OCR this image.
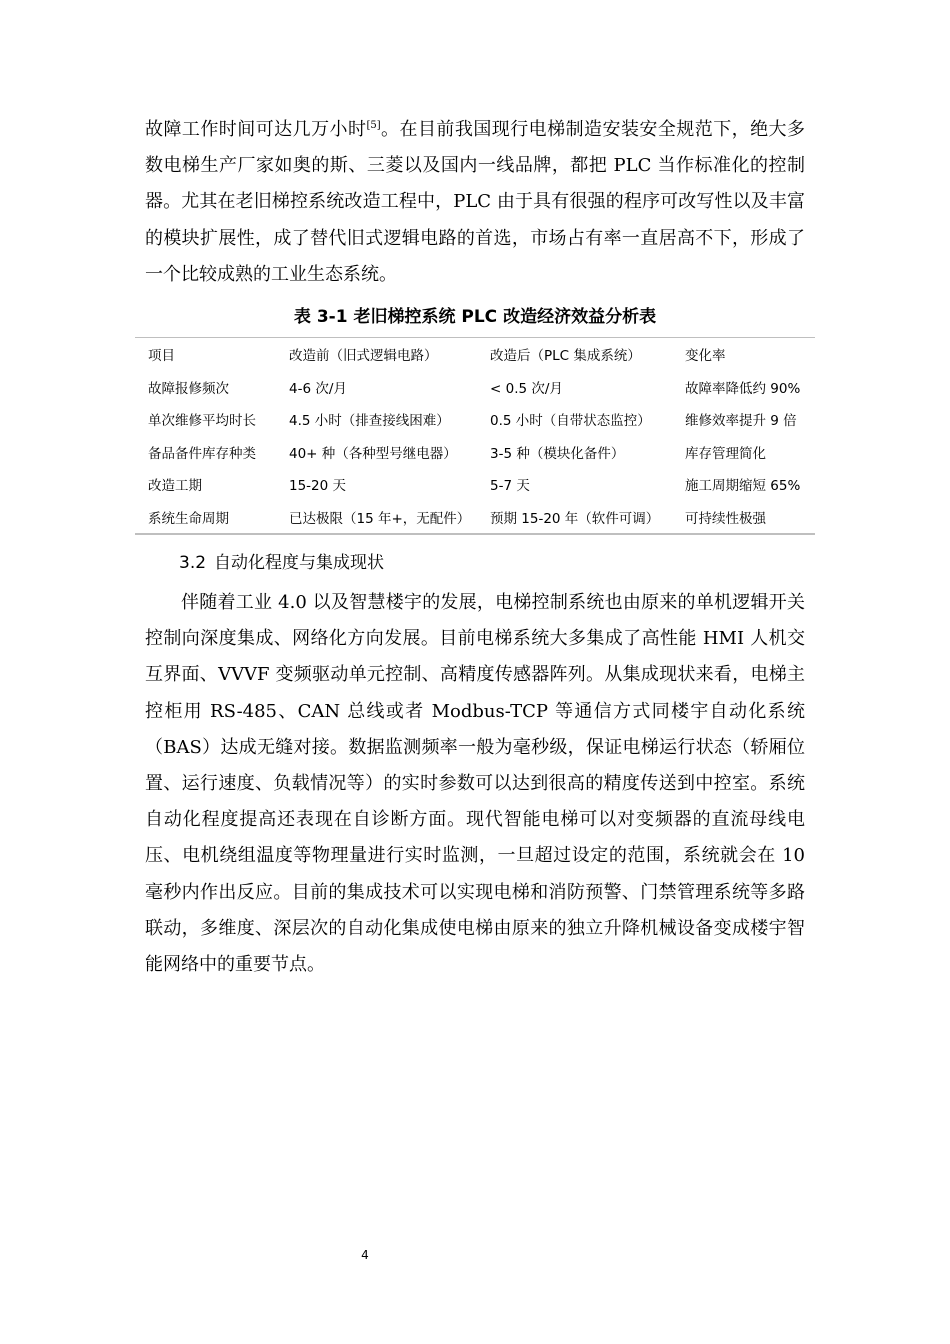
故障工作时间可达几万小时[5]。在目前我国现行电梯制造安装安全规范下，绝大多数电梯生产厂家如奥的斯、三菱以及国内一线品牌，都把 PLC 当作标准化的控制器。尤其在老旧梯控系统改造工程中，PLC 由于具有很强的程序可改写性以及丰富的模块扩展性，成了替代旧式逻辑电路的首选，市场占有率一直居高不下，形成了一个比较成熟的工业生态系统。

表 3-1 老旧梯控系统 PLC 改造经济效益分析表

项目	改造前（旧式逻辑电路）	改造后（PLC 集成系统）	变化率
故障报修频次	4-6 次/月	< 0.5 次/月	故障率降低约 90%
单次维修平均时长	4.5 小时（排查接线困难）	0.5 小时（自带状态监控）	维修效率提升 9 倍
备品备件库存种类	40+ 种（各种型号继电器）	3-5 种（模块化备件）	库存管理简化
改造工期	15-20 天	5-7 天	施工周期缩短 65%
系统生命周期	已达极限（15 年+，无配件）	预期 15-20 年（软件可调）	可持续性极强
3.2 自动化程度与集成现状

伴随着工业 4.0 以及智慧楼宇的发展，电梯控制系统也由原来的单机逻辑开关控制向深度集成、网络化方向发展。目前电梯系统大多集成了高性能 HMI 人机交互界面、VVVF 变频驱动单元控制、高精度传感器阵列。从集成现状来看，电梯主控柜用 RS-485、CAN 总线或者 Modbus-TCP 等通信方式同楼宇自动化系统（BAS）达成无缝对接。数据监测频率一般为毫秒级，保证电梯运行状态（轿厢位置、运行速度、负载情况等）的实时参数可以达到很高的精度传送到中控室。系统自动化程度提高还表现在自诊断方面。现代智能电梯可以对变频器的直流母线电压、电机绕组温度等物理量进行实时监测，一旦超过设定的范围，系统就会在 10 毫秒内作出反应。目前的集成技术可以实现电梯和消防预警、门禁管理系统等多路联动，多维度、深层次的自动化集成使电梯由原来的独立升降机械设备变成楼宇智能网络中的重要节点。

4
